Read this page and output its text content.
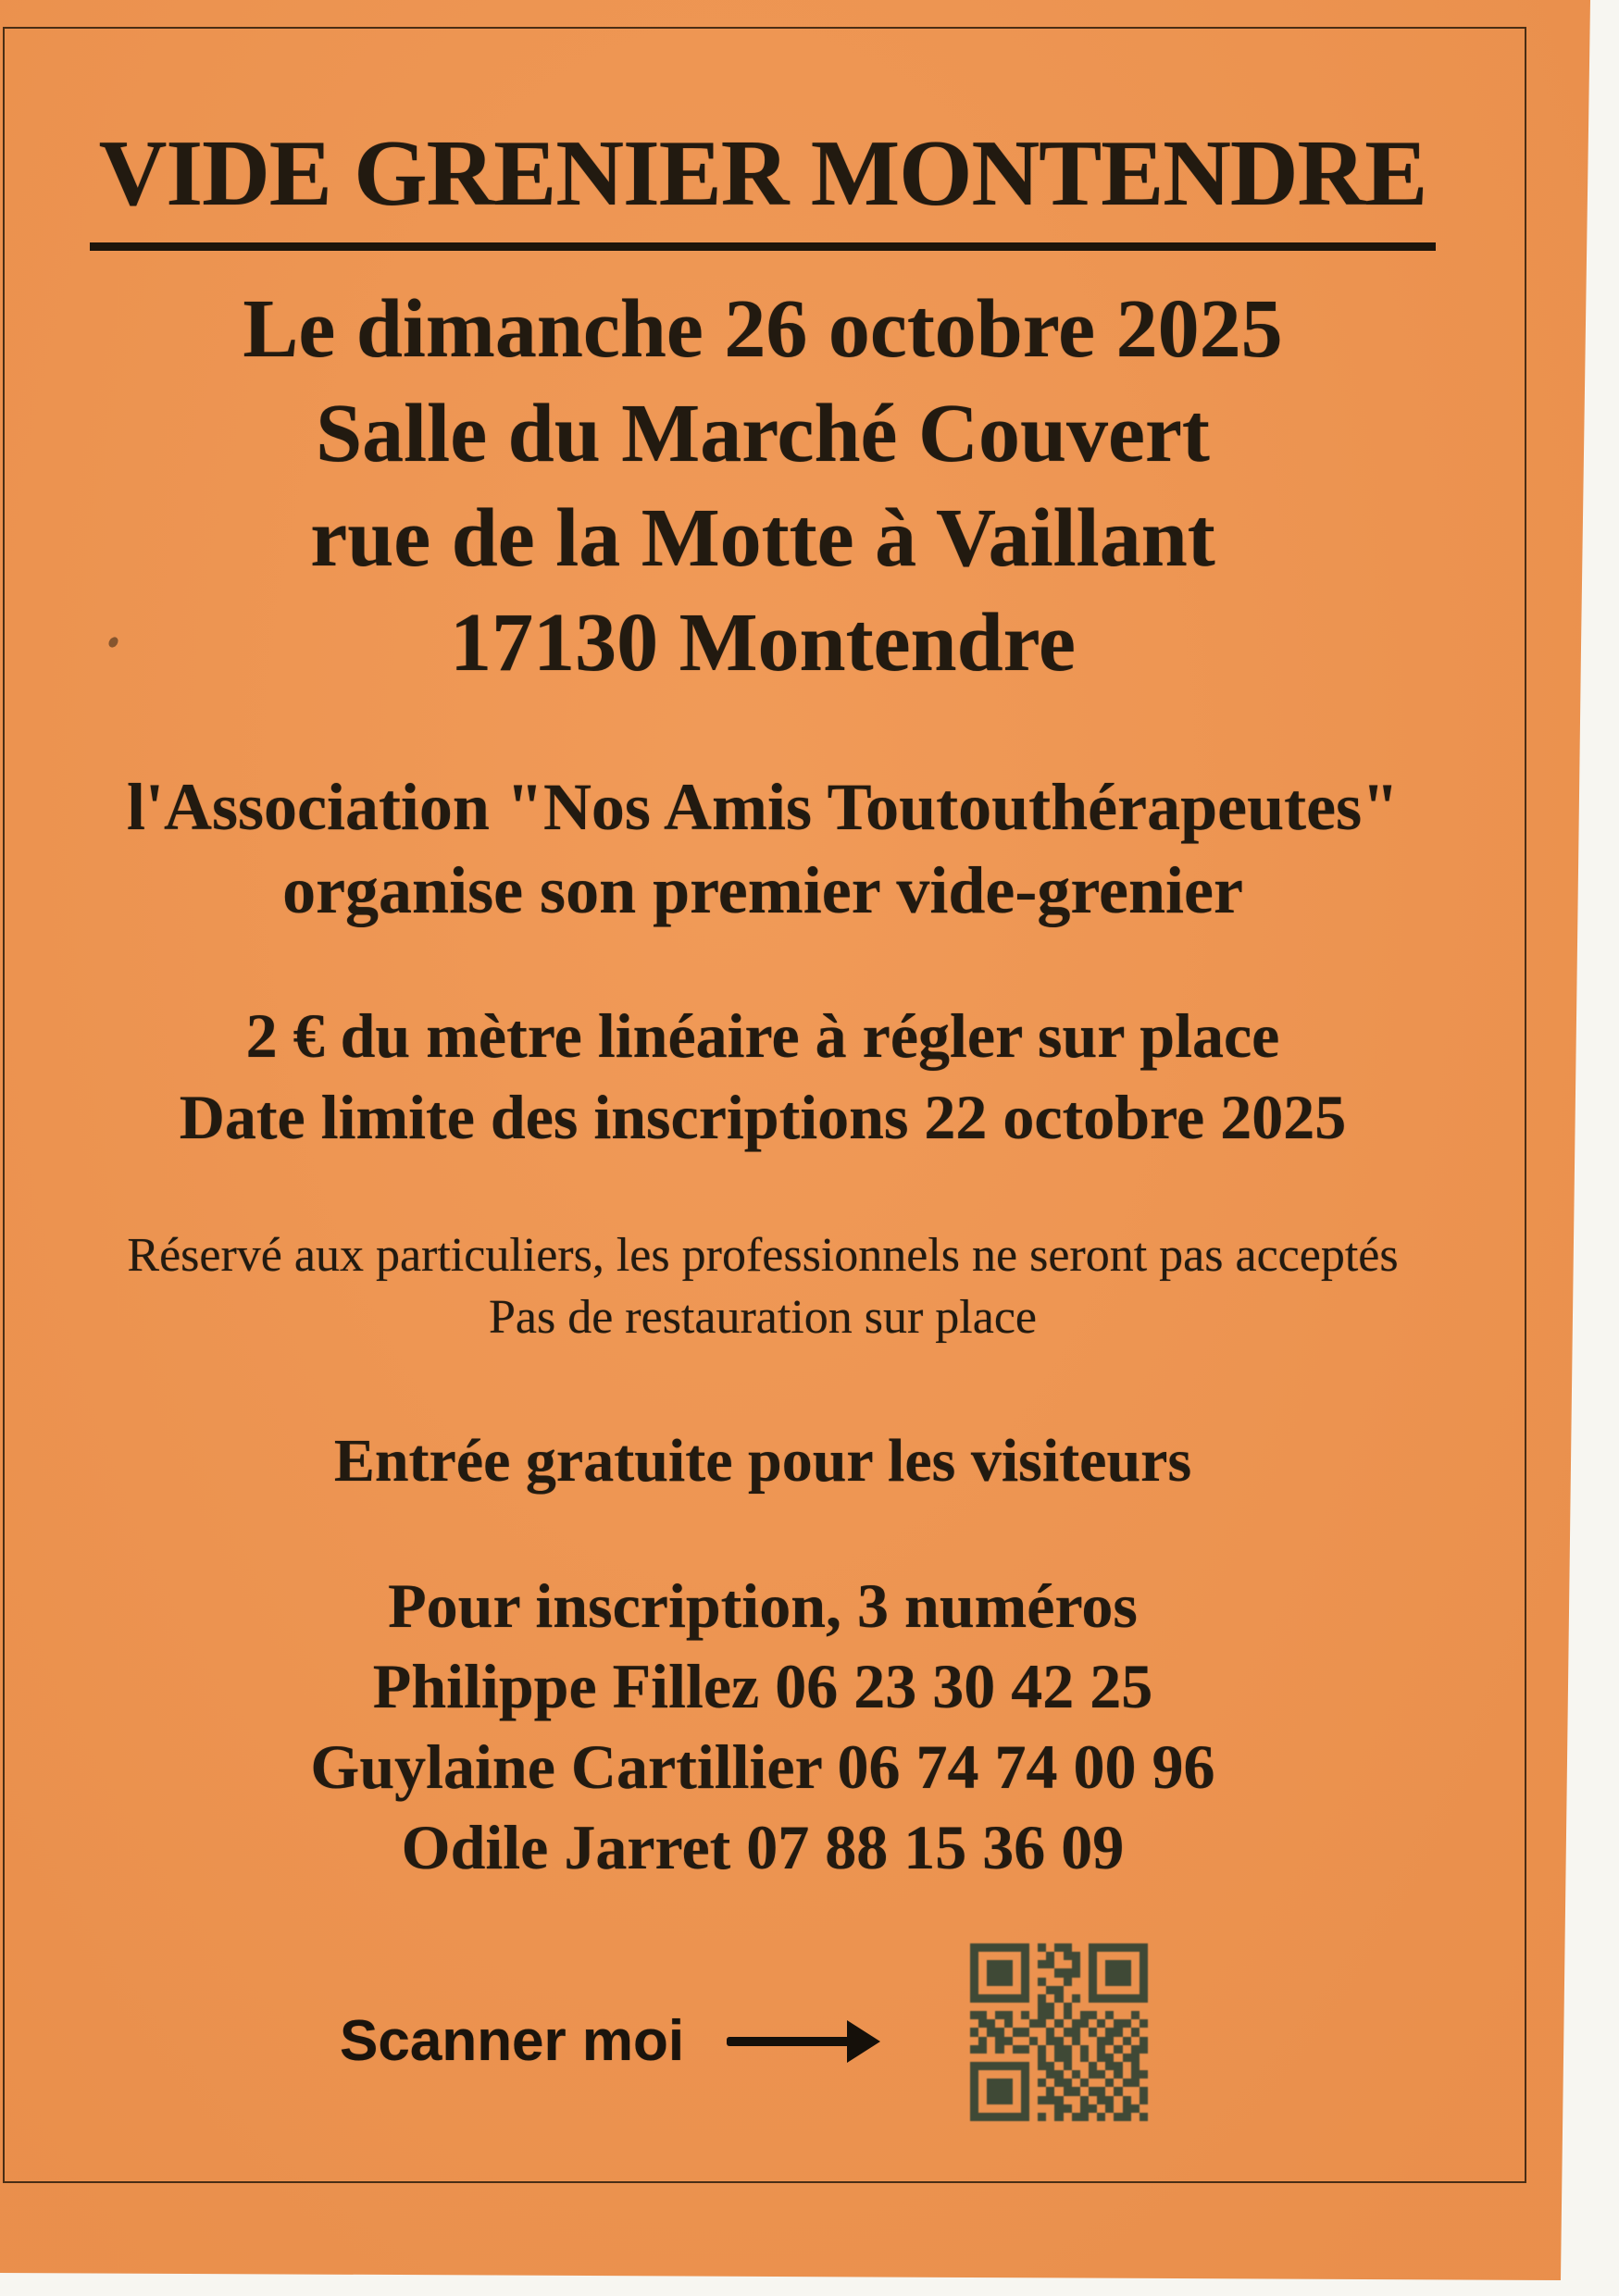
VIDE GRENIER MONTENDRE
Le dimanche 26 octobre 2025
Salle du Marché Couvert
rue de la Motte à Vaillant
17130 Montendre
l'Association "Nos Amis Toutouthérapeutes"
organise son premier vide-grenier
2 € du mètre linéaire à régler sur place
Date limite des inscriptions 22 octobre 2025
Réservé aux particuliers, les professionnels ne seront pas acceptés
Pas de restauration sur place
Entrée gratuite pour les visiteurs
Pour inscription, 3 numéros
Philippe Fillez 06 23 30 42 25
Guylaine Cartillier 06 74 74 00 96
Odile Jarret 07 88 15 36 09
Scanner moi
